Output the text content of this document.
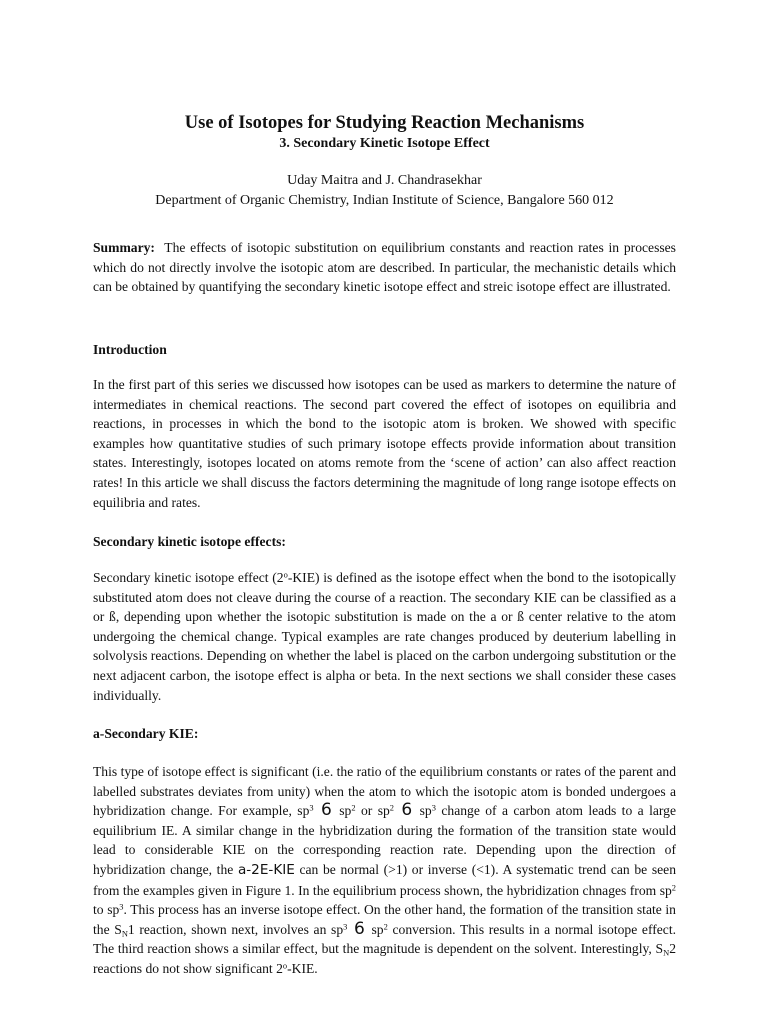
Use of Isotopes for Studying Reaction Mechanisms
3. Secondary Kinetic Isotope Effect

Uday Maitra and J. Chandrasekhar

Department of Organic Chemistry, Indian Institute of Science, Bangalore 560 012

Summary: The effects of isotopic substitution on equilibrium constants and reaction rates in processes which do not directly involve the isotopic atom are described. In particular, the mechanistic details which can be obtained by quantifying the secondary kinetic isotope effect and streic isotope effect are illustrated.

Introduction

In the first part of this series we discussed how isotopes can be used as markers to determine the nature of intermediates in chemical reactions. The second part covered the effect of isotopes on equilibria and reactions, in processes in which the bond to the isotopic atom is broken. We showed with specific examples how quantitative studies of such primary isotope effects provide information about transition states. Interestingly, isotopes located on atoms remote from the ‘scene of action’ can also affect reaction rates! In this article we shall discuss the factors determining the magnitude of long range isotope effects on equilibria and rates.

Secondary kinetic isotope effects:

Secondary kinetic isotope effect (2$^o$-KIE) is defined as the isotope effect when the bond to the isotopically substituted atom does not cleave during the course of a reaction. The secondary KIE can be classified as a or ß, depending upon whether the isotopic substitution is made on the a or ß center relative to the atom undergoing the chemical change. Typical examples are rate changes produced by deuterium labelling in solvolysis reactions. Depending on whether the label is placed on the carbon undergoing substitution or the next adjacent carbon, the isotope effect is alpha or beta. In the next sections we shall consider these cases individually.

a-Secondary KIE:

This type of isotope effect is significant (i.e. the ratio of the equilibrium constants or rates of the parent and labelled substrates deviates from unity) when the atom to which the isotopic atom is bonded undergoes a hybridization change. For example, $sp^3$ 6 $sp^2$ or $sp^2$ 6 $sp^3$ change of a carbon atom leads to a large equilibrium IE. A similar change in the hybridization during the formation of the transition state would lead to considerable KIE on the corresponding reaction rate. Depending upon the direction of hybridization change, the a-2E-KIE can be normal (>1) or inverse (<1). A systematic trend can be seen from the examples given in Figure 1. In the equilibrium process shown, the hybridization chnages from $sp^2$ to $sp^3$. This process has an inverse isotope effect. On the other hand, the formation of the transition state in the $S_N1$ reaction, shown next, involves an $sp^3$ 6 $sp^2$ conversion. This results in a normal isotope effect. The third reaction shows a similar effect, but the magnitude is dependent on the solvent. Interestingly, $S_N2$ reactions do not show significant 2$^o$-KIE.
